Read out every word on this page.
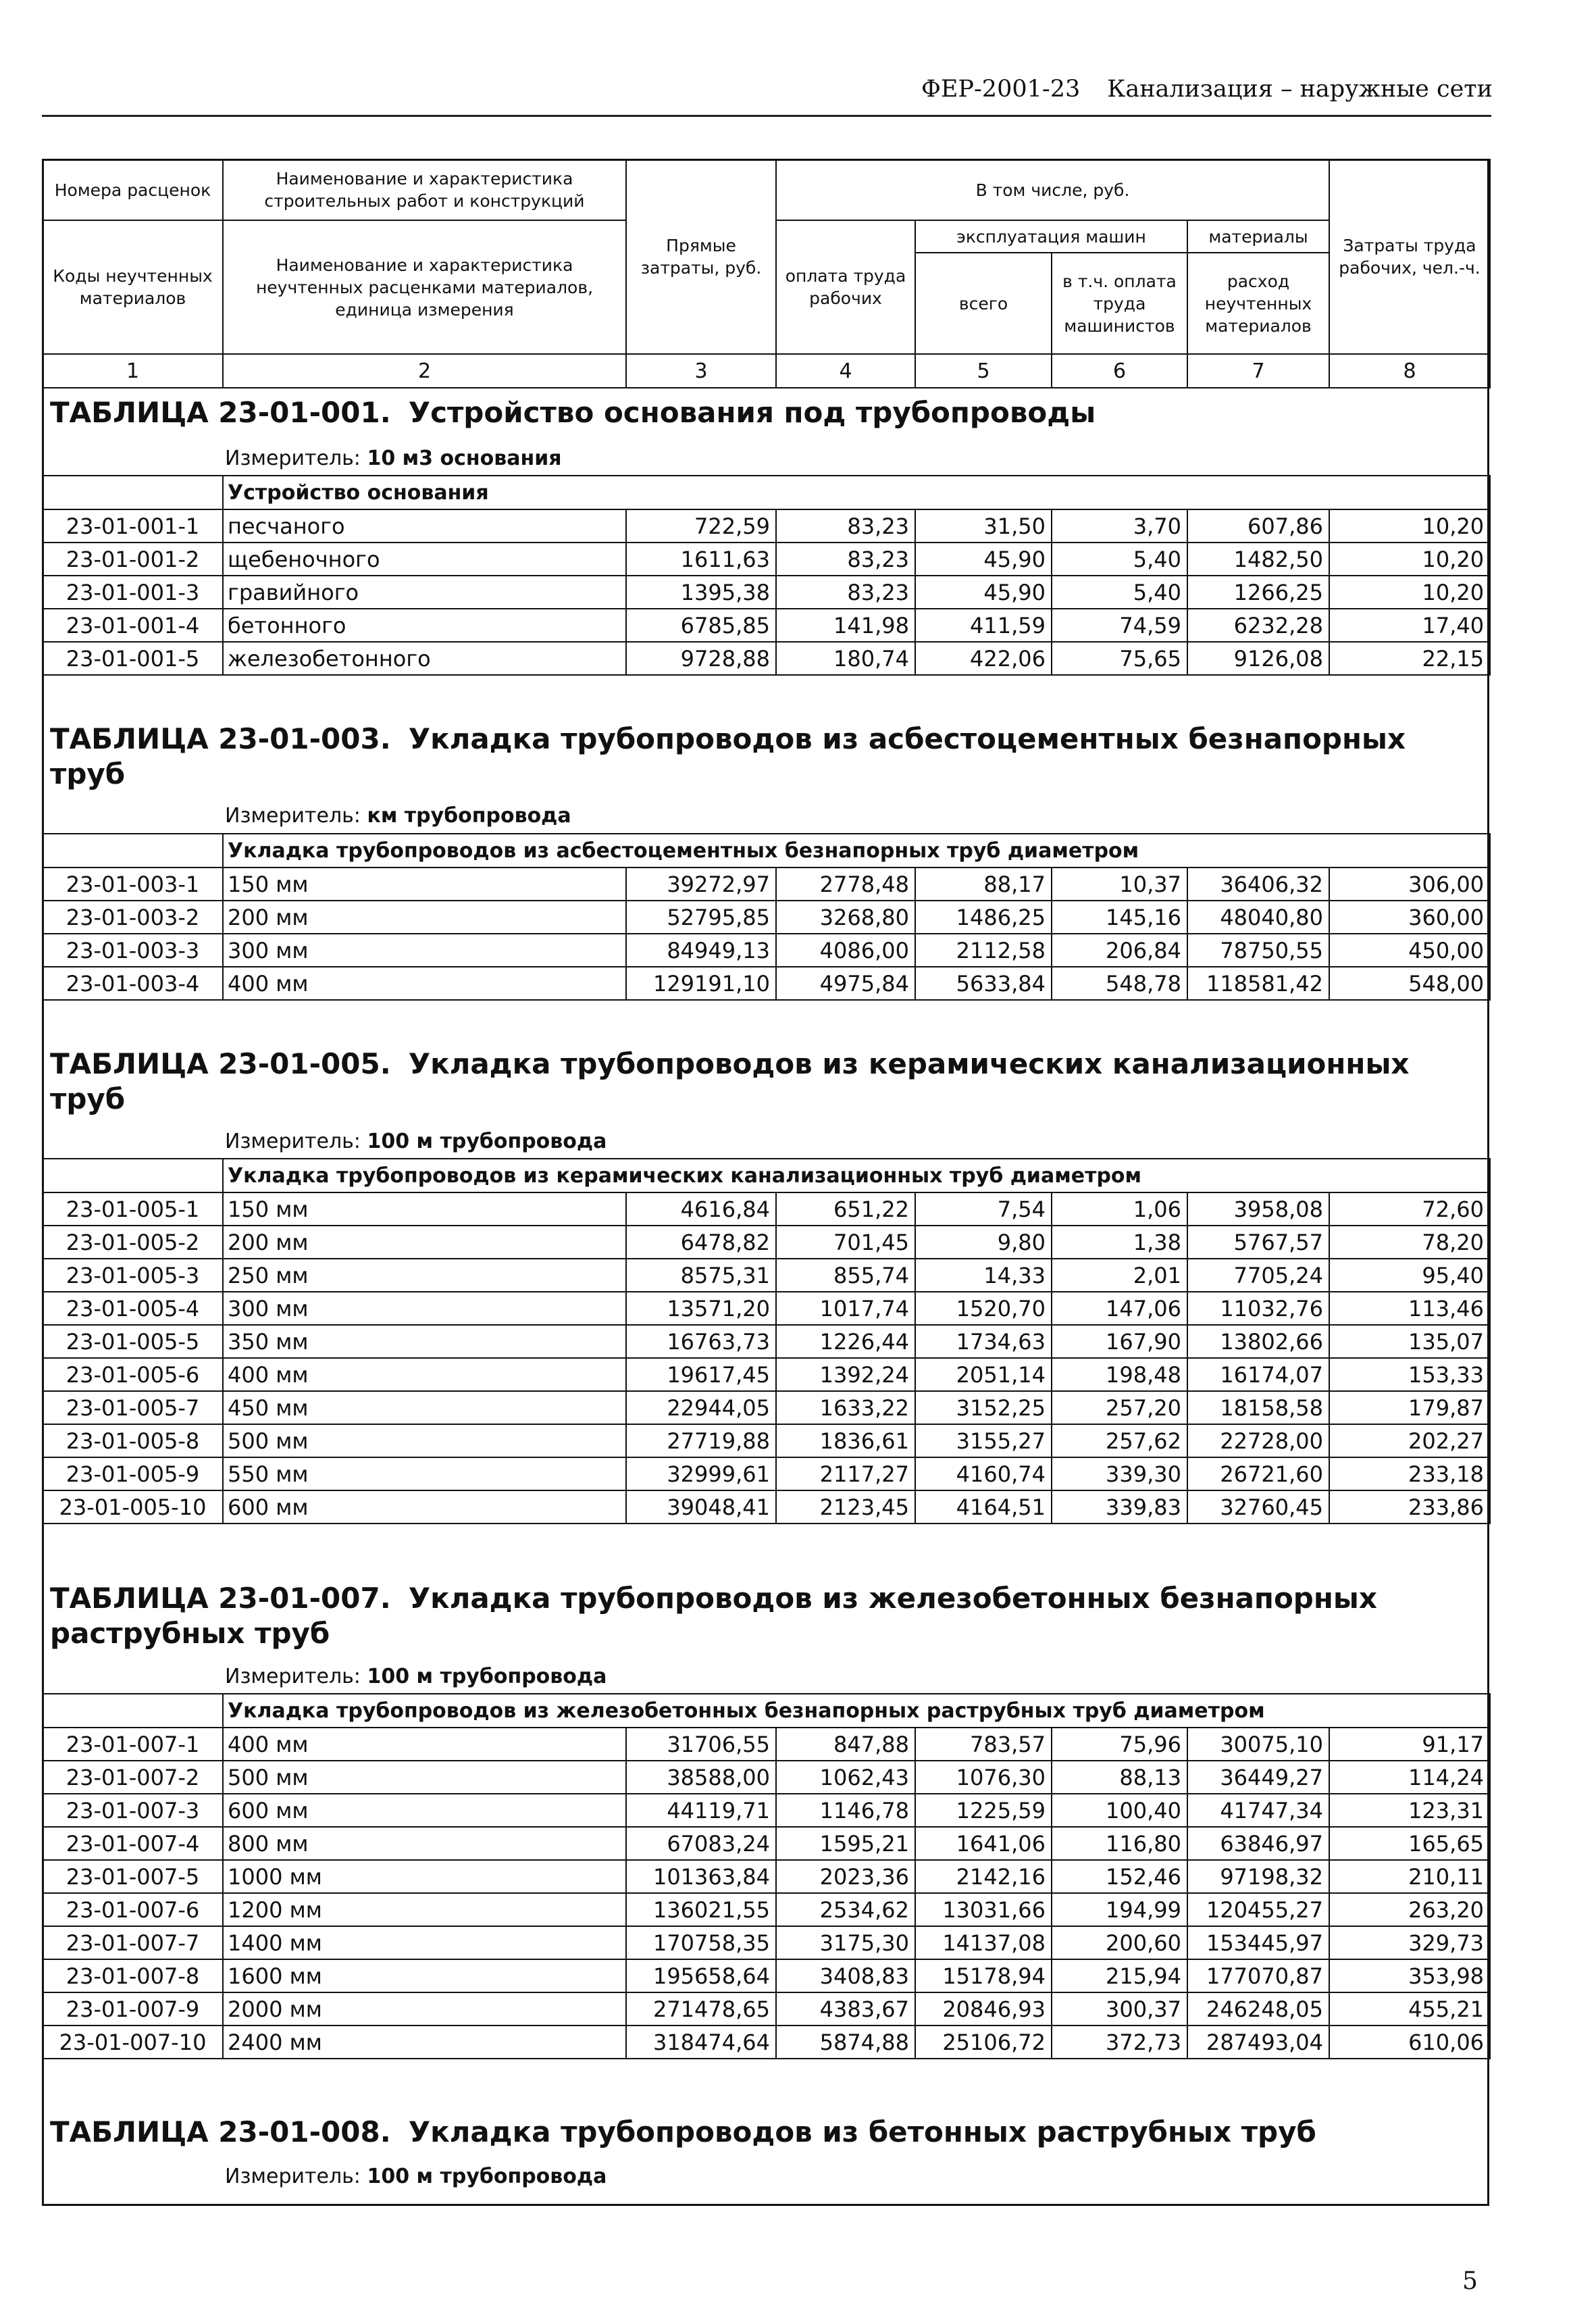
ФЕР-2001-23 Канализация – наружные сети
Номера расценок	Наименование и характеристика строительных работ и конструкций	Прямые затраты, руб.	В том числе, руб.				Затраты труда рабочих, чел.-ч.
Коды неучтенных материалов	Наименование и характеристика неучтенных расценками материалов, единица измерения		оплата труда рабочих	эксплуатация машин		материалы	
				всего	в т.ч. оплата труда машинистов	расход неучтенных материалов	
1	2	3	4	5	6	7	8
ТАБЛИЦА 23-01-001. Устройство основания под трубопроводы
Измеритель: 10 м3 основания
	Устройство основания						
23-01-001-1	песчаного	722,59	83,23	31,50	3,70	607,86	10,20
23-01-001-2	щебеночного	1611,63	83,23	45,90	5,40	1482,50	10,20
23-01-001-3	гравийного	1395,38	83,23	45,90	5,40	1266,25	10,20
23-01-001-4	бетонного	6785,85	141,98	411,59	74,59	6232,28	17,40
23-01-001-5	железобетонного	9728,88	180,74	422,06	75,65	9126,08	22,15
ТАБЛИЦА 23-01-003. Укладка трубопроводов из асбестоцементных безнапорных
труб
Измеритель: км трубопровода
	Укладка трубопроводов из асбестоцементных безнапорных труб диаметром						
23-01-003-1	150 мм	39272,97	2778,48	88,17	10,37	36406,32	306,00
23-01-003-2	200 мм	52795,85	3268,80	1486,25	145,16	48040,80	360,00
23-01-003-3	300 мм	84949,13	4086,00	2112,58	206,84	78750,55	450,00
23-01-003-4	400 мм	129191,10	4975,84	5633,84	548,78	118581,42	548,00
ТАБЛИЦА 23-01-005. Укладка трубопроводов из керамических канализационных
труб
Измеритель: 100 м трубопровода
	Укладка трубопроводов из керамических канализационных труб диаметром						
23-01-005-1	150 мм	4616,84	651,22	7,54	1,06	3958,08	72,60
23-01-005-2	200 мм	6478,82	701,45	9,80	1,38	5767,57	78,20
23-01-005-3	250 мм	8575,31	855,74	14,33	2,01	7705,24	95,40
23-01-005-4	300 мм	13571,20	1017,74	1520,70	147,06	11032,76	113,46
23-01-005-5	350 мм	16763,73	1226,44	1734,63	167,90	13802,66	135,07
23-01-005-6	400 мм	19617,45	1392,24	2051,14	198,48	16174,07	153,33
23-01-005-7	450 мм	22944,05	1633,22	3152,25	257,20	18158,58	179,87
23-01-005-8	500 мм	27719,88	1836,61	3155,27	257,62	22728,00	202,27
23-01-005-9	550 мм	32999,61	2117,27	4160,74	339,30	26721,60	233,18
23-01-005-10	600 мм	39048,41	2123,45	4164,51	339,83	32760,45	233,86
ТАБЛИЦА 23-01-007. Укладка трубопроводов из железобетонных безнапорных
раструбных труб
Измеритель: 100 м трубопровода
	Укладка трубопроводов из железобетонных безнапорных раструбных труб диаметром						
23-01-007-1	400 мм	31706,55	847,88	783,57	75,96	30075,10	91,17
23-01-007-2	500 мм	38588,00	1062,43	1076,30	88,13	36449,27	114,24
23-01-007-3	600 мм	44119,71	1146,78	1225,59	100,40	41747,34	123,31
23-01-007-4	800 мм	67083,24	1595,21	1641,06	116,80	63846,97	165,65
23-01-007-5	1000 мм	101363,84	2023,36	2142,16	152,46	97198,32	210,11
23-01-007-6	1200 мм	136021,55	2534,62	13031,66	194,99	120455,27	263,20
23-01-007-7	1400 мм	170758,35	3175,30	14137,08	200,60	153445,97	329,73
23-01-007-8	1600 мм	195658,64	3408,83	15178,94	215,94	177070,87	353,98
23-01-007-9	2000 мм	271478,65	4383,67	20846,93	300,37	246248,05	455,21
23-01-007-10	2400 мм	318474,64	5874,88	25106,72	372,73	287493,04	610,06
ТАБЛИЦА 23-01-008. Укладка трубопроводов из бетонных раструбных труб
Измеритель: 100 м трубопровода
5
